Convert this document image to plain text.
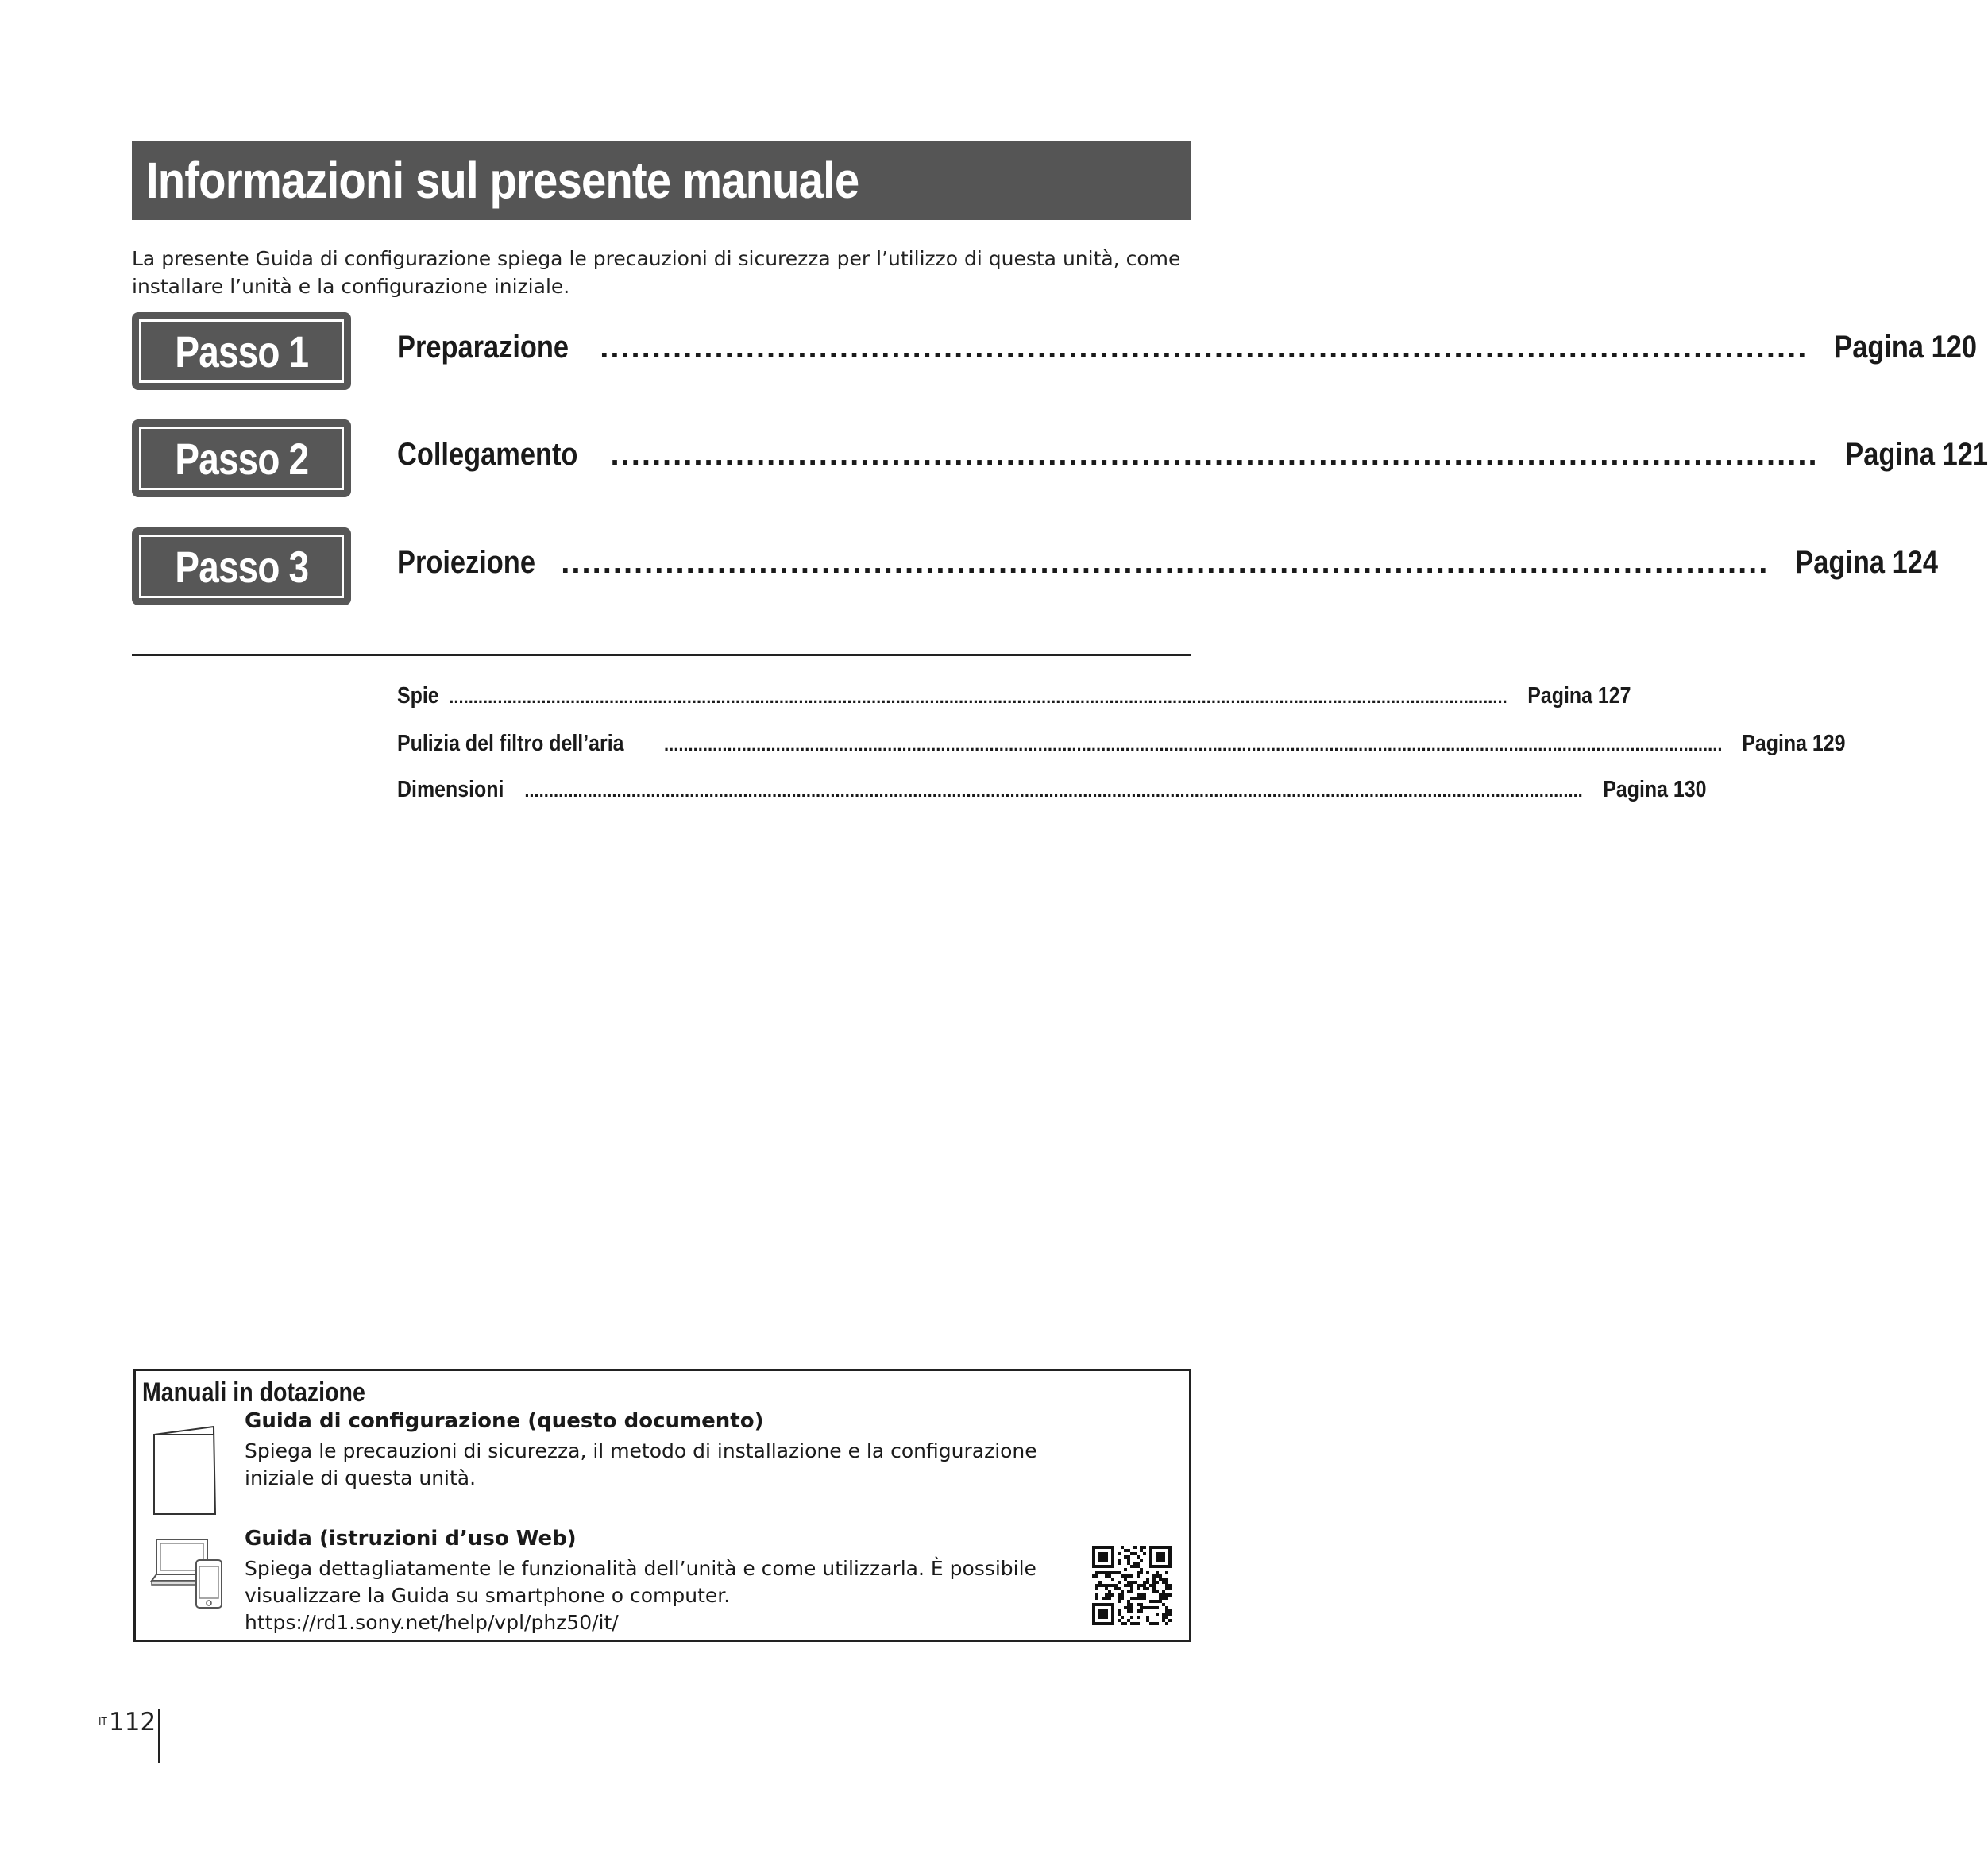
Informazioni sul presente manuale
La presente Guida di configurazione spiega le precauzioni di sicurezza per l’utilizzo di questa unità, come installare l’unità e la configurazione iniziale.
Passo 1	Preparazione .................................................................................................................... Pagina 120
Passo 2	Collegamento .................................................................................................................... Pagina 121
Passo 3	Proiezione .................................................................................................................... Pagina 124
Spie .......................................................................................................................................................................................................................... Pagina 127
Pulizia del filtro dell’aria .......................................................................................................................................................................................................................... Pagina 129
Dimensioni .......................................................................................................................................................................................................................... Pagina 130
Manuali in dotazione
Guida di configurazione (questo documento)
Spiega le precauzioni di sicurezza, il metodo di installazione e la configurazione
iniziale di questa unità.
Guida (istruzioni d’uso Web)
Spiega dettagliatamente le funzionalità dell’unità e come utilizzarla. È possibile
visualizzare la Guida su smartphone o computer.
https://rd1.sony.net/help/vpl/phz50/it/
IT 112
